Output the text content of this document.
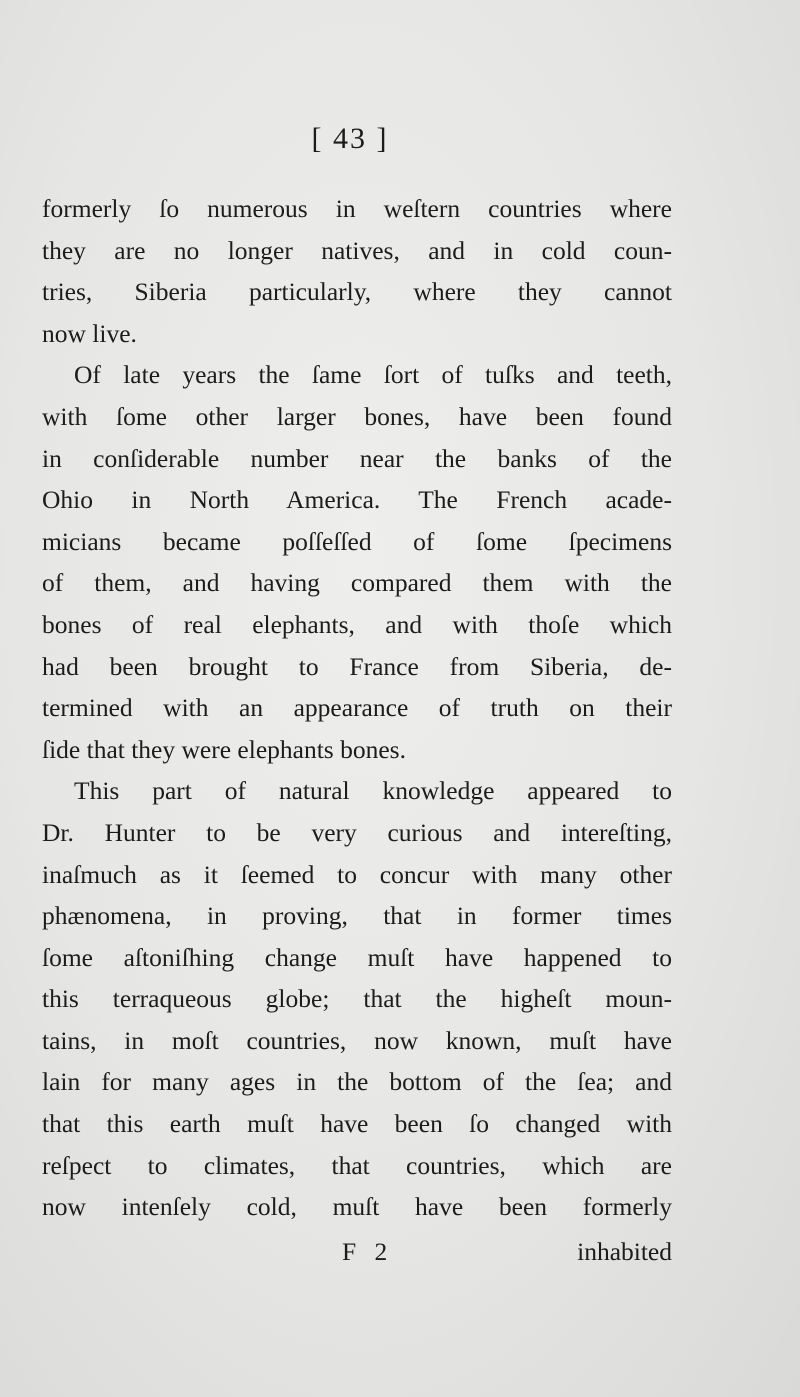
[ 43 ]
formerly ſo numerous in weſtern countries where
they are no longer natives, and in cold coun-
tries, Siberia particularly, where they cannot
now live.
Of late years the ſame ſort of tuſks and teeth,
with ſome other larger bones, have been found
in conſiderable number near the banks of the
Ohio in North America. The French acade-
micians became poſſeſſed of ſome ſpecimens
of them, and having compared them with the
bones of real elephants, and with thoſe which
had been brought to France from Siberia, de-
termined with an appearance of truth on their
ſide that they were elephants bones.
This part of natural knowledge appeared to
Dr. Hunter to be very curious and intereſting,
inaſmuch as it ſeemed to concur with many other
phænomena, in proving, that in former times
ſome aſtoniſhing change muſt have happened to
this terraqueous globe; that the higheſt moun-
tains, in moſt countries, now known, muſt have
lain for many ages in the bottom of the ſea; and
that this earth muſt have been ſo changed with
reſpect to climates, that countries, which are
now intenſely cold, muſt have been formerly
F 2	inhabited
